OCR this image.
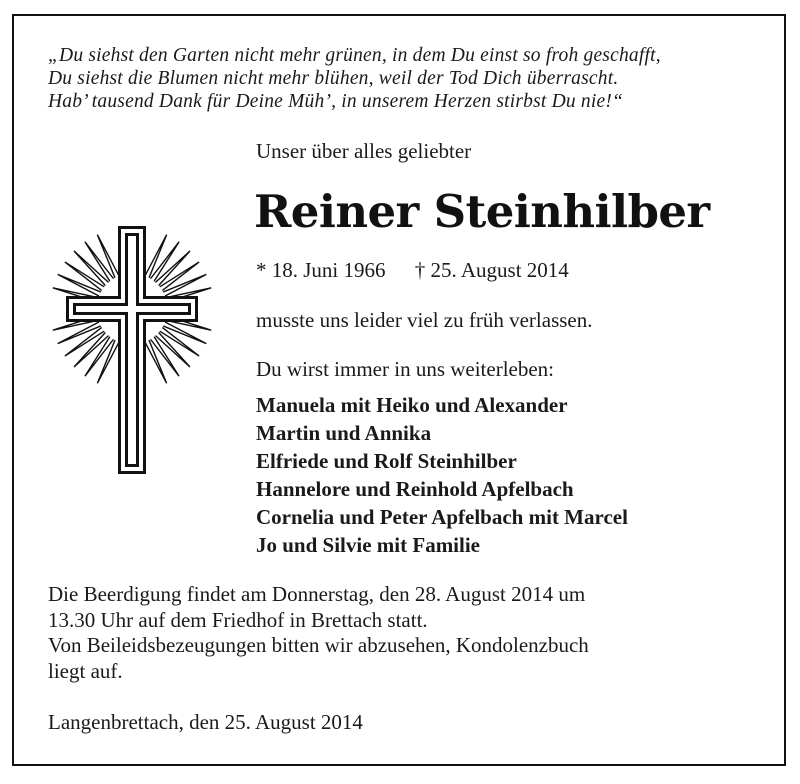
„Du siehst den Garten nicht mehr grünen, in dem Du einst so froh geschafft,
Du siehst die Blumen nicht mehr blühen, weil der Tod Dich überrascht.
Hab’ tausend Dank für Deine Müh’, in unserem Herzen stirbst Du nie!“
Unser über alles geliebter
Reiner Steinhilber
* 18. Juni 1966 † 25. August 2014
musste uns leider viel zu früh verlassen.
Du wirst immer in uns weiterleben:
Manuela mit Heiko und Alexander
Martin und Annika
Elfriede und Rolf Steinhilber
Hannelore und Reinhold Apfelbach
Cornelia und Peter Apfelbach mit Marcel
Jo und Silvie mit Familie
Die Beerdigung findet am Donnerstag, den 28. August 2014 um
13.30 Uhr auf dem Friedhof in Brettach statt.
Von Beileidsbezeugungen bitten wir abzusehen, Kondolenzbuch
liegt auf.
Langenbrettach, den 25. August 2014
